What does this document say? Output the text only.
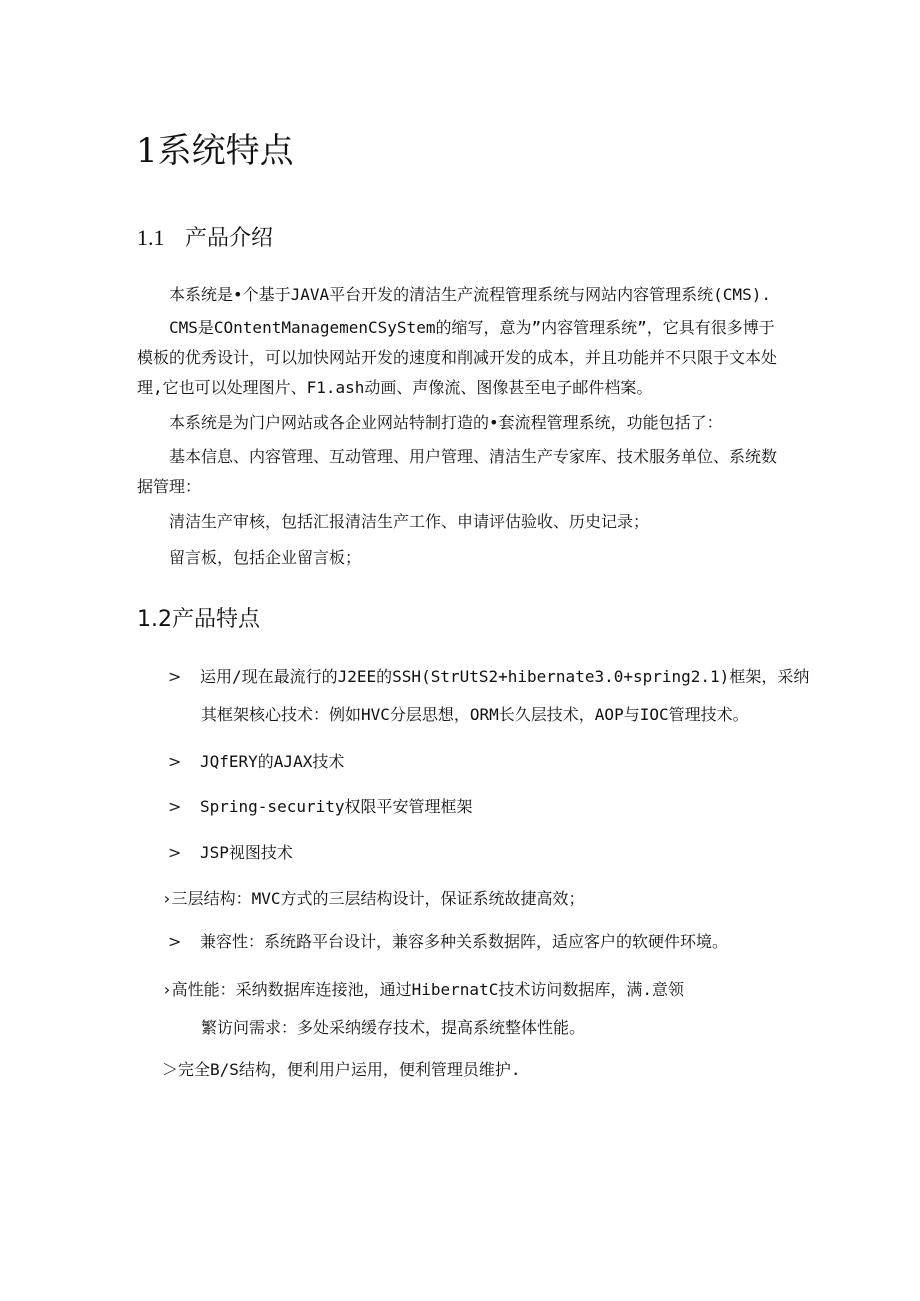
1系统特点
1.1 产品介绍

本系统是•个基于JAVA平台开发的清洁生产流程管理系统与网站内容管理系统(CMS).

CMS是COntentManagemenCSyStem的缩写，意为”内容管理系统”，它具有很多博于模板的优秀设计，可以加快网站开发的速度和削减开发的成本，并且功能并不只限于文本处理,它也可以处理图片、F1.ash动画、声像流、图像甚至电子邮件档案。

本系统是为门户网站或各企业网站特制打造的•套流程管理系统，功能包括了：

基本信息、内容管理、互动管理、用户管理、清洁生产专家库、技术服务单位、系统数据管理：

清洁生产审核，包括汇报清洁生产工作、申请评估验收、历史记录；

留言板，包括企业留言板；

1.2产品特点
> 运用/现在最流行的J2EE的SSH(StrUtS2+hibernate3.0+spring2.1)框架，采纳
其框架核心技术：例如HVC分层思想，ORM长久层技术，AOP与IOC管理技术。
> JQfERY的AJAX技术
> Spring-security权限平安管理框架
> JSP视图技术
›三层结构：MVC方式的三层结构设计，保证系统故捷高效；
> 兼容性：系统路平台设计，兼容多种关系数据阵，适应客户的软硬件环境。
›高性能：采纳数据库连接池，通过HibernatC技术访问数据库，满.意领
繁访问需求：多处采纳缓存技术，提高系统整体性能。
＞完全B/S结构，便利用户运用，便利管理员维护.
